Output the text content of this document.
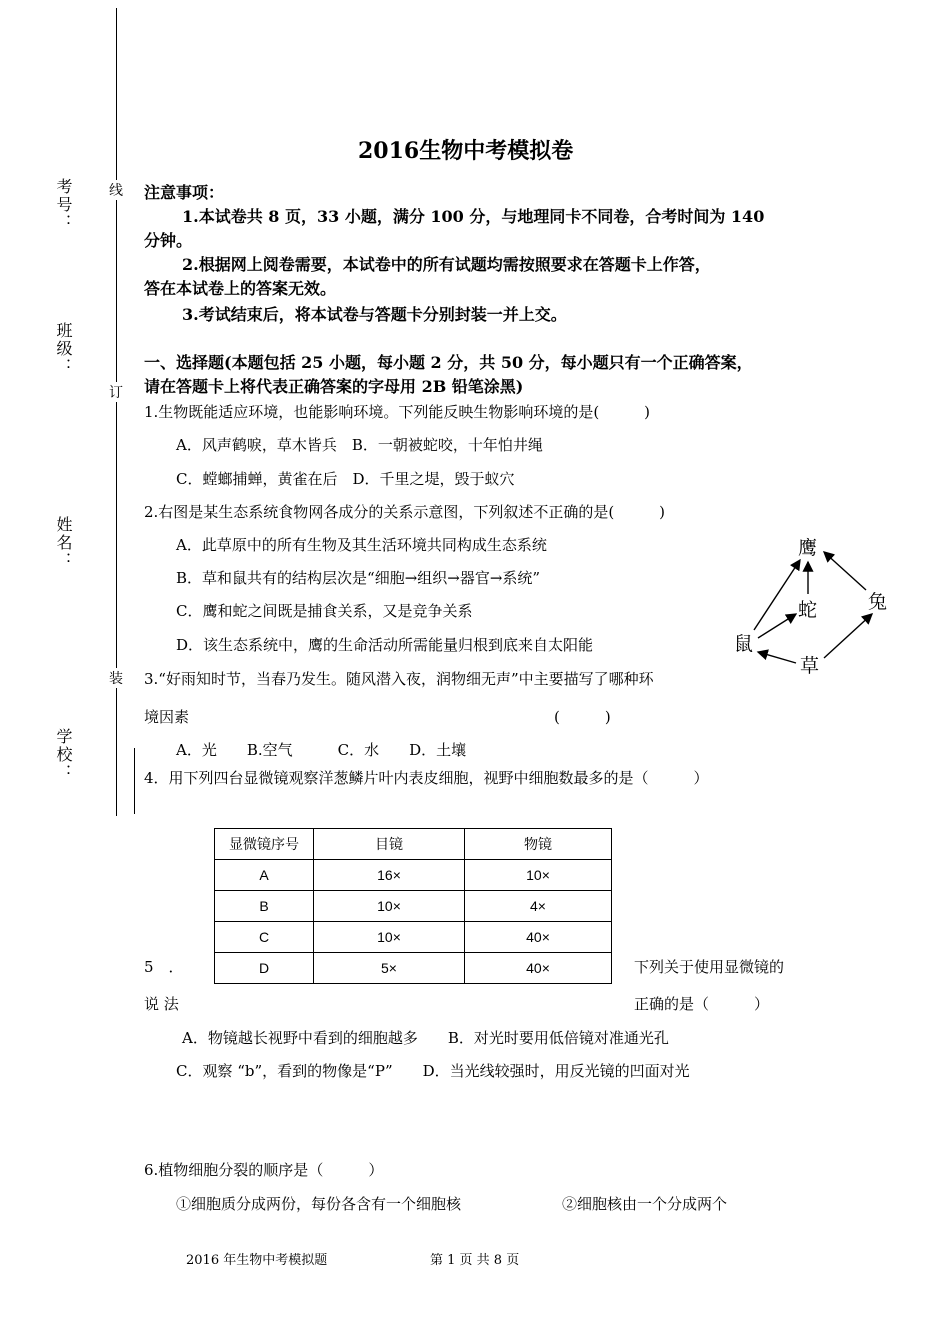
考号：
班级：
姓名：
学校：
线
订
装
2016生物中考模拟卷
注意事项：
1.本试卷共 8 页，33 小题，满分 100 分，与地理同卡不同卷，合考时间为 140
分钟。
2.根据网上阅卷需要，本试卷中的所有试题均需按照要求在答题卡上作答，
答在本试卷上的答案无效。
3.考试结束后，将本试卷与答题卡分别封装一并上交。
一、选择题(本题包括 25 小题，每小题 2 分，共 50 分，每小题只有一个正确答案，
请在答题卡上将代表正确答案的字母用 2B 铅笔涂黑)
1.生物既能适应环境，也能影响环境。下列能反映生物影响环境的是(　　　)
A．风声鹤唳，草木皆兵　B．一朝被蛇咬，十年怕井绳
C．螳螂捕蝉，黄雀在后　D．千里之堤，毁于蚁穴
2.右图是某生态系统食物网各成分的关系示意图，下列叙述不正确的是(　　　)
A．此草原中的所有生物及其生活环境共同构成生态系统
B．草和鼠共有的结构层次是“细胞→组织→器官→系统”
C．鹰和蛇之间既是捕食关系，又是竞争关系
D．该生态系统中，鹰的生命活动所需能量归根到底来自太阳能
鹰
蛇	兔
鼠
草
3.“好雨知时节，当春乃发生。随风潜入夜，润物细无声”中主要描写了哪种环
境因素	(　　　)
A．光　　B.空气　　　C．水　　D．土壤
4．用下列四台显微镜观察洋葱鳞片叶内表皮细胞，视野中细胞数最多的是（　　　）
显微镜序号	目镜	物镜
A	16×	10×
B	10×	4×
C	10×	40×
D	5×	40×
5　．	下列关于使用显微镜的
说 法	正确的是（　　　）
A．物镜越长视野中看到的细胞越多　　B．对光时要用低倍镜对准通光孔
C．观察 “b”，看到的物像是“P”　　D．当光线较强时，用反光镜的凹面对光
6.植物细胞分裂的顺序是（　　　）
①细胞质分成两份，每份各含有一个细胞核	②细胞核由一个分成两个
2016 年生物中考模拟题	第 1 页 共 8 页
